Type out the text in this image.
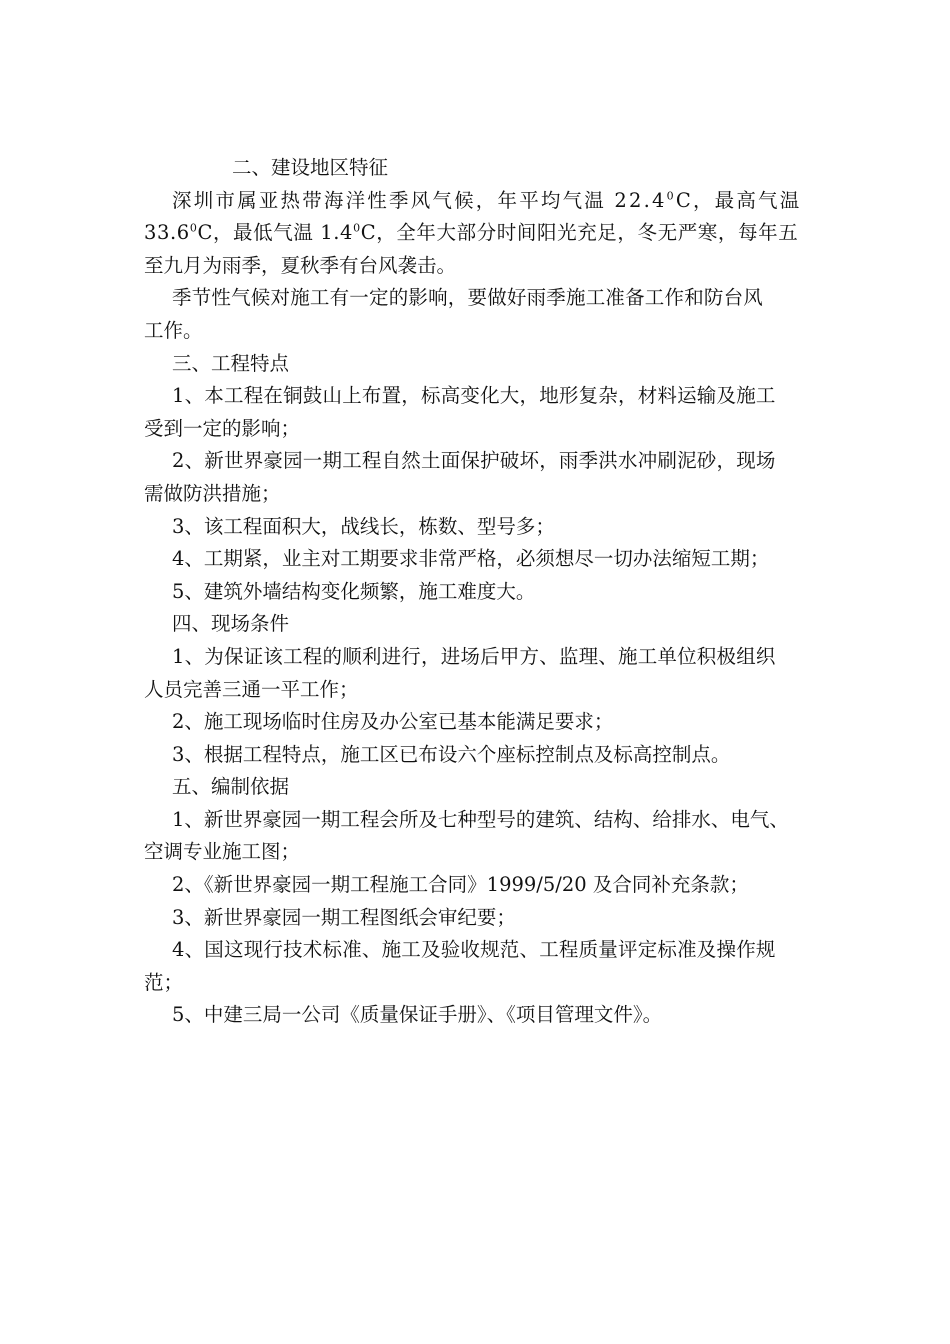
二、建设地区特征
深圳市属亚热带海洋性季风气候，年平均气温 22.4$^0$C，最高气温
33.6$^0$C，最低气温 $1.4^0C$，全年大部分时间阳光充足，冬无严寒，每年五
至九月为雨季，夏秋季有台风袭击。
季节性气候对施工有一定的影响，要做好雨季施工准备工作和防台风
工作。
三、工程特点
1、本工程在铜鼓山上布置，标高变化大，地形复杂，材料运输及施工
受到一定的影响；
2、新世界豪园一期工程自然土面保护破坏，雨季洪水冲刷泥砂，现场
需做防洪措施；
3、该工程面积大，战线长，栋数、型号多；
4、工期紧，业主对工期要求非常严格，必须想尽一切办法缩短工期；
5、建筑外墙结构变化频繁，施工难度大。
四、现场条件
1、为保证该工程的顺利进行，进场后甲方、监理、施工单位积极组织
人员完善三通一平工作；
2、施工现场临时住房及办公室已基本能满足要求；
3、根据工程特点，施工区已布设六个座标控制点及标高控制点。
五、编制依据
1、新世界豪园一期工程会所及七种型号的建筑、结构、给排水、电气、
空调专业施工图；
2、《新世界豪园一期工程施工合同》1999/5/20 及合同补充条款；
3、新世界豪园一期工程图纸会审纪要；
4、国这现行技术标准、施工及验收规范、工程质量评定标准及操作规
范；
5、中建三局一公司《质量保证手册》、《项目管理文件》。
